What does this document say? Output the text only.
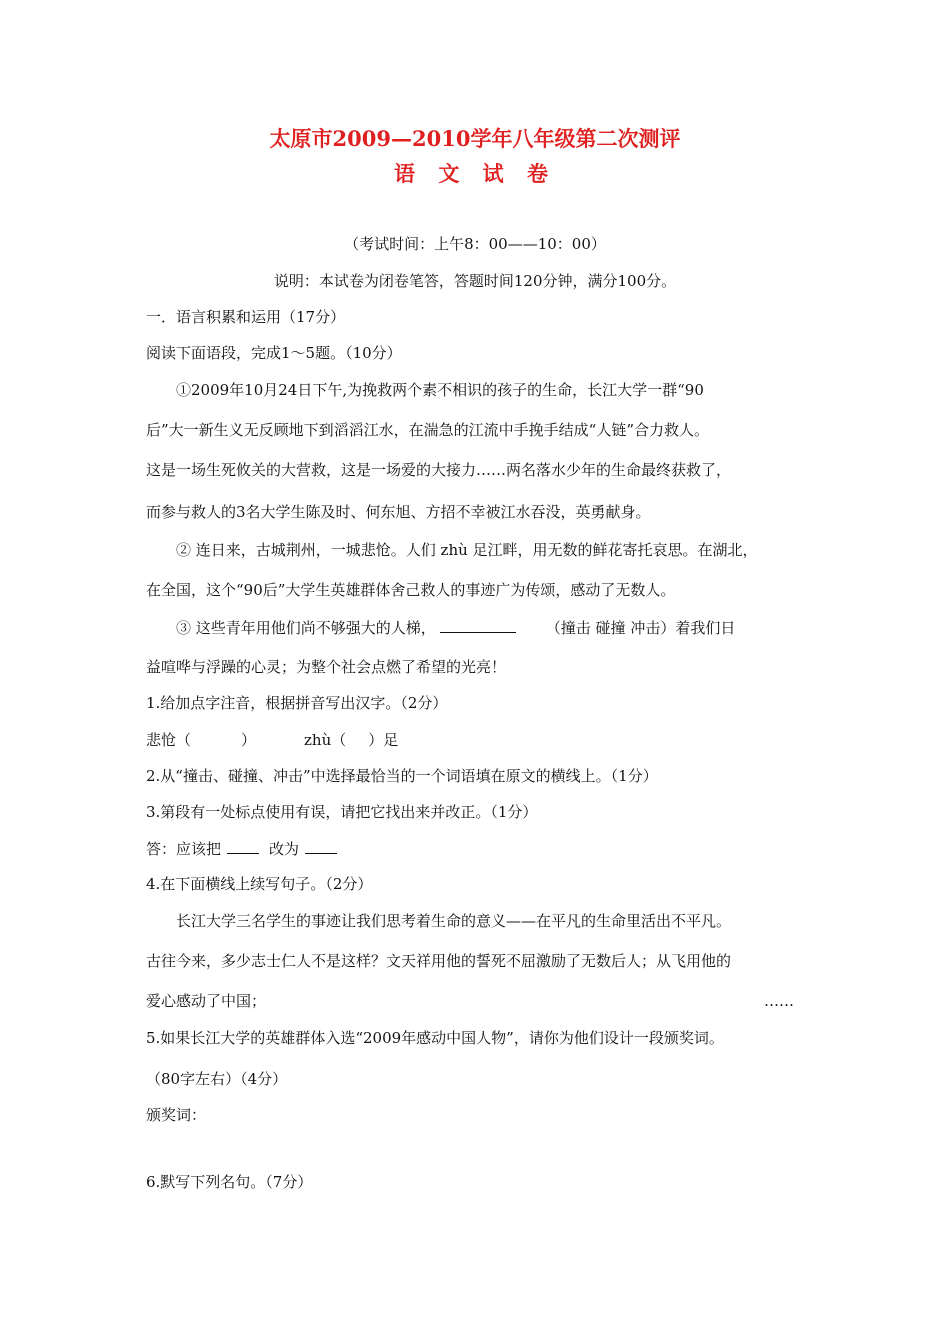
太原市2009—2010学年八年级第二次测评
语 文 试 卷
（考试时间：上午8：00——10：00）
说明：本试卷为闭卷笔答，答题时间120分钟，满分100分。
一．语言积累和运用（17分）
阅读下面语段，完成1～5题。（10分）
①2009年10月24日下午,为挽救两个素不相识的孩子的生命，长江大学一群“90
后”大一新生义无反顾地下到滔滔江水，在湍急的江流中手挽手结成“人链”合力救人。
这是一场生死攸关的大营救，这是一场爱的大接力……两名落水少年的生命最终获救了，
而参与救人的3名大学生陈及时、何东旭、方招不幸被江水吞没，英勇献身。
② 连日来，古城荆州，一城悲怆。人们 zhù 足江畔，用无数的鲜花寄托哀思。在湖北，
在全国，这个“90后”大学生英雄群体舍己救人的事迹广为传颂，感动了无数人。
③ 这些青年用他们尚不够强大的人梯，	（撞击 碰撞 冲击）着我们日
益喧哗与浮躁的心灵；为整个社会点燃了希望的光亮！
1.给加点字注音，根据拼音写出汉字。（2分）
悲怆（	）	zhù（ ）足
2.从“撞击、碰撞、冲击”中选择最恰当的一个词语填在原文的横线上。（1分）
3.第段有一处标点使用有误，请把它找出来并改正。（1分）
答：应该把	改为
4.在下面横线上续写句子。（2分）
长江大学三名学生的事迹让我们思考着生命的意义——在平凡的生命里活出不平凡。
古往今来，多少志士仁人不是这样？文天祥用他的誓死不屈激励了无数后人；从飞用他的
爱心感动了中国；	……
5.如果长江大学的英雄群体入选“2009年感动中国人物”，请你为他们设计一段颁奖词。
（80字左右）（4分）
颁奖词：
6.默写下列名句。（7分）
